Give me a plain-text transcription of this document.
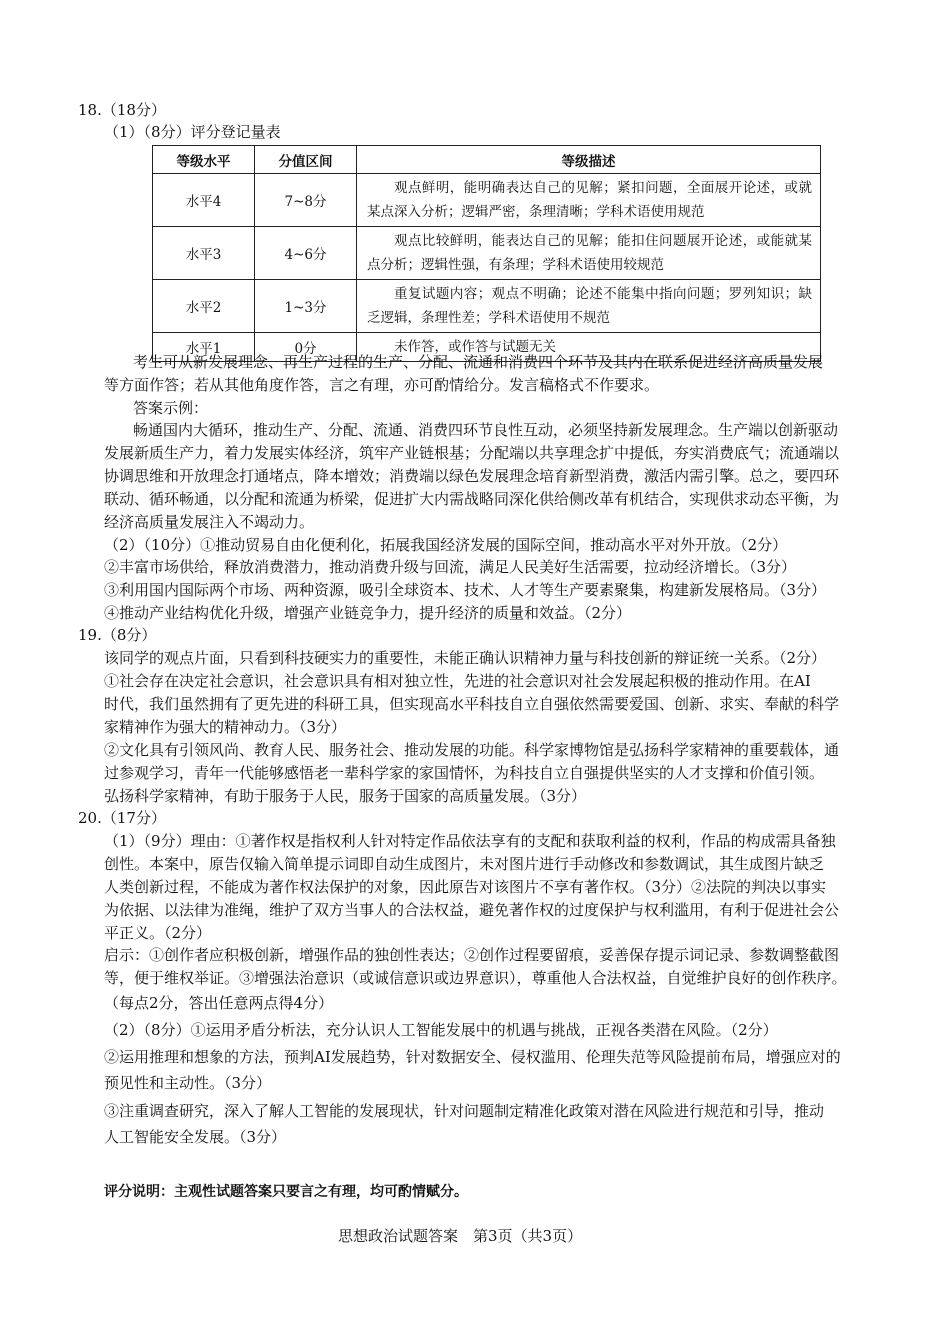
18.（18分）
（1）（8分）评分登记量表
等级水平	分值区间	等级描述
水平4	7~8分	观点鲜明，能明确表达自己的见解；紧扣问题，全面展开论述，或就某点深入分析；逻辑严密，条理清晰；学科术语使用规范
水平3	4~6分	观点比较鲜明，能表达自己的见解；能扣住问题展开论述，或能就某点分析；逻辑性强，有条理；学科术语使用较规范
水平2	1~3分	重复试题内容；观点不明确；论述不能集中指向问题；罗列知识；缺乏逻辑，条理性差；学科术语使用不规范
水平1	0分	未作答，或作答与试题无关
考生可从新发展理念、再生产过程的生产、分配、流通和消费四个环节及其内在联系促进经济高质量发展
等方面作答；若从其他角度作答，言之有理，亦可酌情给分。发言稿格式不作要求。
答案示例：
畅通国内大循环，推动生产、分配、流通、消费四环节良性互动，必须坚持新发展理念。生产端以创新驱动
发展新质生产力，着力发展实体经济，筑牢产业链根基；分配端以共享理念扩中提低，夯实消费底气；流通端以
协调思维和开放理念打通堵点，降本增效；消费端以绿色发展理念培育新型消费，激活内需引擎。总之，要四环
联动、循环畅通，以分配和流通为桥梁，促进扩大内需战略同深化供给侧改革有机结合，实现供求动态平衡，为
经济高质量发展注入不竭动力。
（2）（10分）①推动贸易自由化便利化，拓展我国经济发展的国际空间，推动高水平对外开放。（2分）
②丰富市场供给，释放消费潜力，推动消费升级与回流，满足人民美好生活需要，拉动经济增长。（3分）
③利用国内国际两个市场、两种资源，吸引全球资本、技术、人才等生产要素聚集，构建新发展格局。（3分）
④推动产业结构优化升级，增强产业链竞争力，提升经济的质量和效益。（2分）
19.（8分）
该同学的观点片面，只看到科技硬实力的重要性，未能正确认识精神力量与科技创新的辩证统一关系。（2分）
①社会存在决定社会意识，社会意识具有相对独立性，先进的社会意识对社会发展起积极的推动作用。在AI
时代，我们虽然拥有了更先进的科研工具，但实现高水平科技自立自强依然需要爱国、创新、求实、奉献的科学
家精神作为强大的精神动力。（3分）
②文化具有引领风尚、教育人民、服务社会、推动发展的功能。科学家博物馆是弘扬科学家精神的重要载体，通
过参观学习，青年一代能够感悟老一辈科学家的家国情怀，为科技自立自强提供坚实的人才支撑和价值引领。
弘扬科学家精神，有助于服务于人民，服务于国家的高质量发展。（3分）
20.（17分）
（1）（9分）理由：①著作权是指权利人针对特定作品依法享有的支配和获取利益的权利，作品的构成需具备独
创性。本案中，原告仅输入简单提示词即自动生成图片，未对图片进行手动修改和参数调试，其生成图片缺乏
人类创新过程，不能成为著作权法保护的对象，因此原告对该图片不享有著作权。（3分）②法院的判决以事实
为依据、以法律为准绳，维护了双方当事人的合法权益，避免著作权的过度保护与权利滥用，有利于促进社会公
平正义。（2分）
启示：①创作者应积极创新，增强作品的独创性表达；②创作过程要留痕，妥善保存提示词记录、参数调整截图
等，便于维权举证。③增强法治意识（或诚信意识或边界意识），尊重他人合法权益，自觉维护良好的创作秩序。
（每点2分，答出任意两点得4分）
（2）（8分）①运用矛盾分析法，充分认识人工智能发展中的机遇与挑战，正视各类潜在风险。（2分）
②运用推理和想象的方法，预判AI发展趋势，针对数据安全、侵权滥用、伦理失范等风险提前布局，增强应对的
预见性和主动性。（3分）
③注重调查研究，深入了解人工智能的发展现状，针对问题制定精准化政策对潜在风险进行规范和引导，推动
人工智能安全发展。（3分）
评分说明：主观性试题答案只要言之有理，均可酌情赋分。
思想政治试题答案　第3页（共3页）
